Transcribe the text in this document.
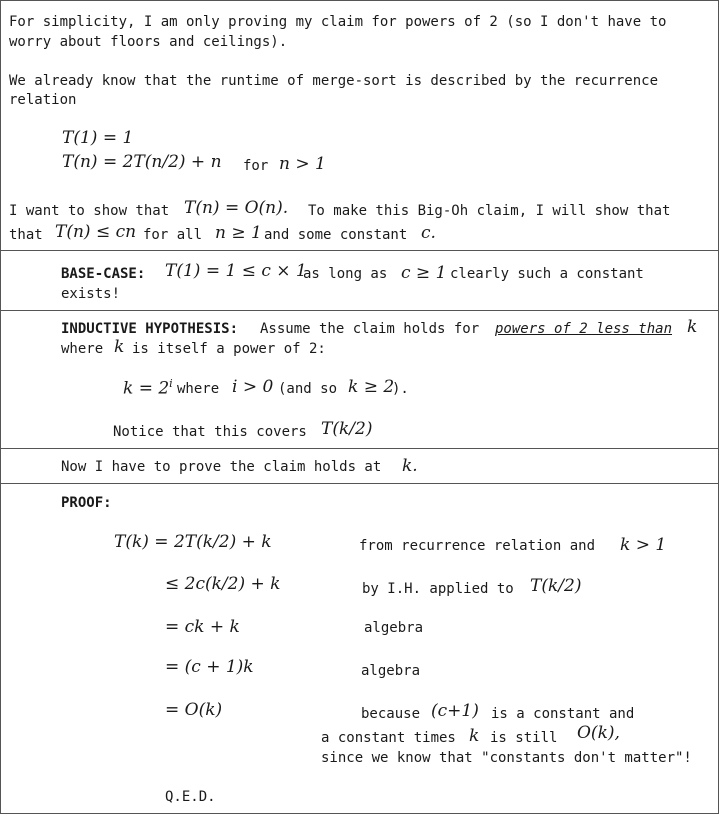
For simplicity, I am only proving my claim for powers of 2 (so I don't have to
worry about floors and ceilings).
We already know that the runtime of merge-sort is described by the recurrence
relation
T(1) = 1
T(n) = 2T(n/2) + n for n > 1
I want to show that T(n) = O(n). To make this Big-Oh claim, I will show that
that T(n) ≤ cn for all n ≥ 1 and some constant c.
BASE-CASE: T(1) = 1 ≤ c × 1
as long as c ≥ 1 clearly such a constant
exists!
INDUCTIVE HYPOTHESIS: Assume the claim holds for powers of 2 less than k
where k is itself a power of 2:
$k = 2^i$ where i > 0 (and so k ≥ 2
).
Notice that this covers T(k/2)
Now I have to prove the claim holds at k.
PROOF:
T(k) = 2T(k/2) + k	from recurrence relation and k > 1
≤ 2c(k/2) + k	by I.H. applied to T(k/2)
= ck + k	algebra
= (c + 1)k	algebra
= O(k)	because (c+1) is a constant and
a constant times k is still O(k),
since we know that "constants don't matter"!
Q.E.D.
